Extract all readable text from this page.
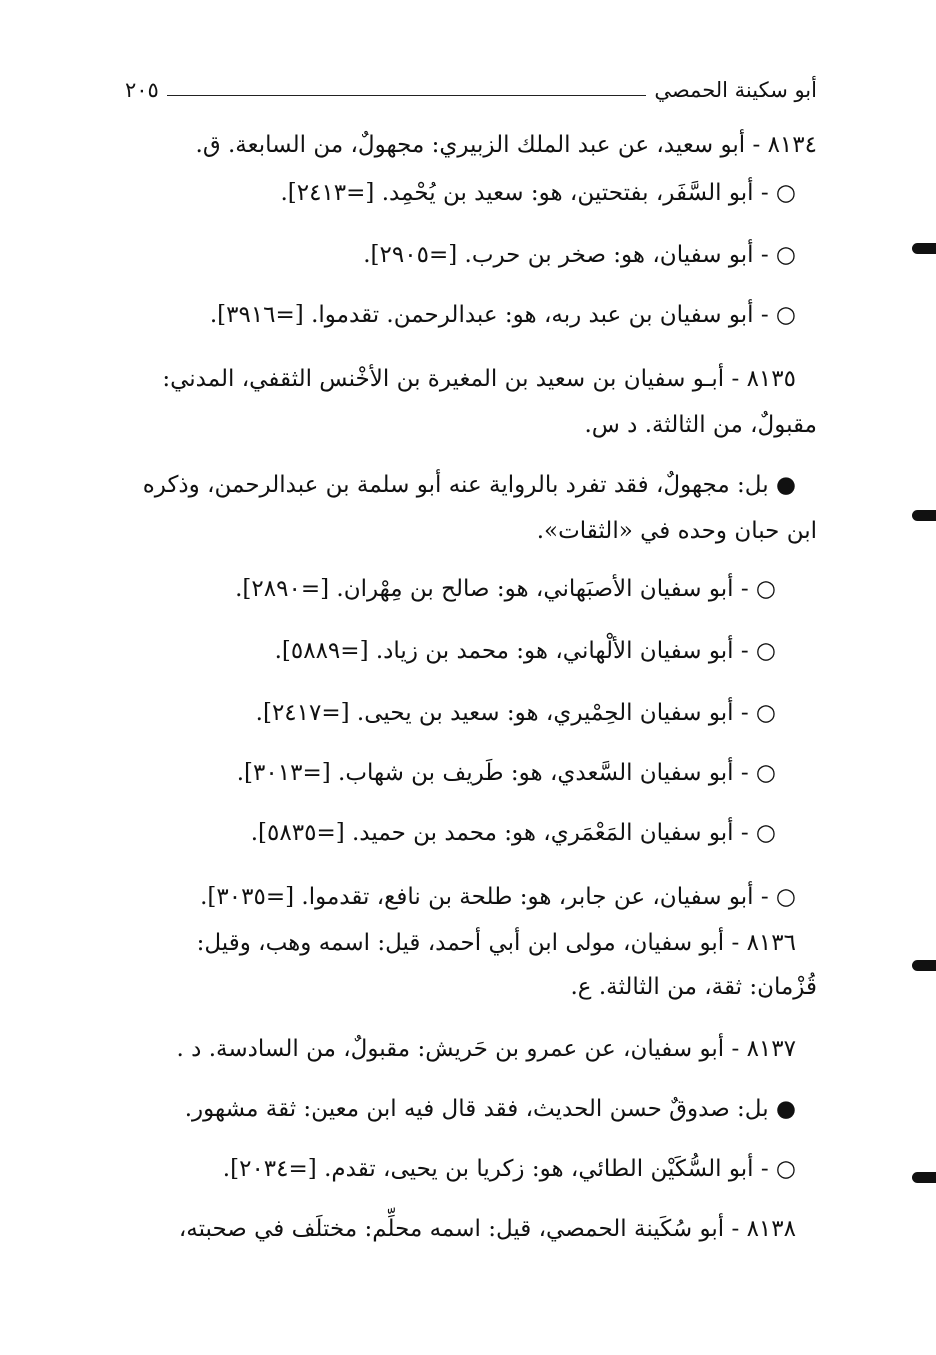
أبو سكينة الحمصي
٢٠٥
٨١٣٤ - أبو سعيد، عن عبد الملك الزبيري: مجهولٌ، من السابعة. ق.
○ - أبو السَّفَر، بفتحتين، هو: سعيد بن يُحْمِد. [=٢٤١٣].
○ - أبو سفيان، هو: صخر بن حرب. [=٢٩٠٥].
○ - أبو سفيان بن عبد ربه، هو: عبدالرحمن. تقدموا. [=٣٩١٦].
٨١٣٥ - أبـو سفيان بن سعيد بن المغيرة بن الأخْنس الثقفي، المدني:
مقبولٌ، من الثالثة. د س.
● بل: مجهولٌ، فقد تفرد بالرواية عنه أبو سلمة بن عبدالرحمن، وذكره
ابن حبان وحده في «الثقات».
○ - أبو سفيان الأصبَهاني، هو: صالح بن مِهْران. [=٢٨٩٠].
○ - أبو سفيان الألْهاني، هو: محمد بن زياد. [=٥٨٨٩].
○ - أبو سفيان الحِمْيري، هو: سعيد بن يحيى. [=٢٤١٧].
○ - أبو سفيان السَّعدي، هو: طَريف بن شهاب. [=٣٠١٣].
○ - أبو سفيان المَعْمَري، هو: محمد بن حميد. [=٥٨٣٥].
○ - أبو سفيان، عن جابر، هو: طلحة بن نافع، تقدموا. [=٣٠٣٥].
٨١٣٦ - أبو سفيان، مولى ابن أبي أحمد، قيل: اسمه وهب، وقيل:
قُزْمان: ثقة، من الثالثة. ع.
٨١٣٧ - أبو سفيان، عن عمرو بن حَريش: مقبولٌ، من السادسة. د .
● بل: صدوقٌ حسن الحديث، فقد قال فيه ابن معين: ثقة مشهور.
○ - أبو السُّكَيْن الطائي، هو: زكريا بن يحيى، تقدم. [=٢٠٣٤].
٨١٣٨ - أبو سُكَينة الحمصي، قيل: اسمه محلِّم: مختلَف في صحبته،
